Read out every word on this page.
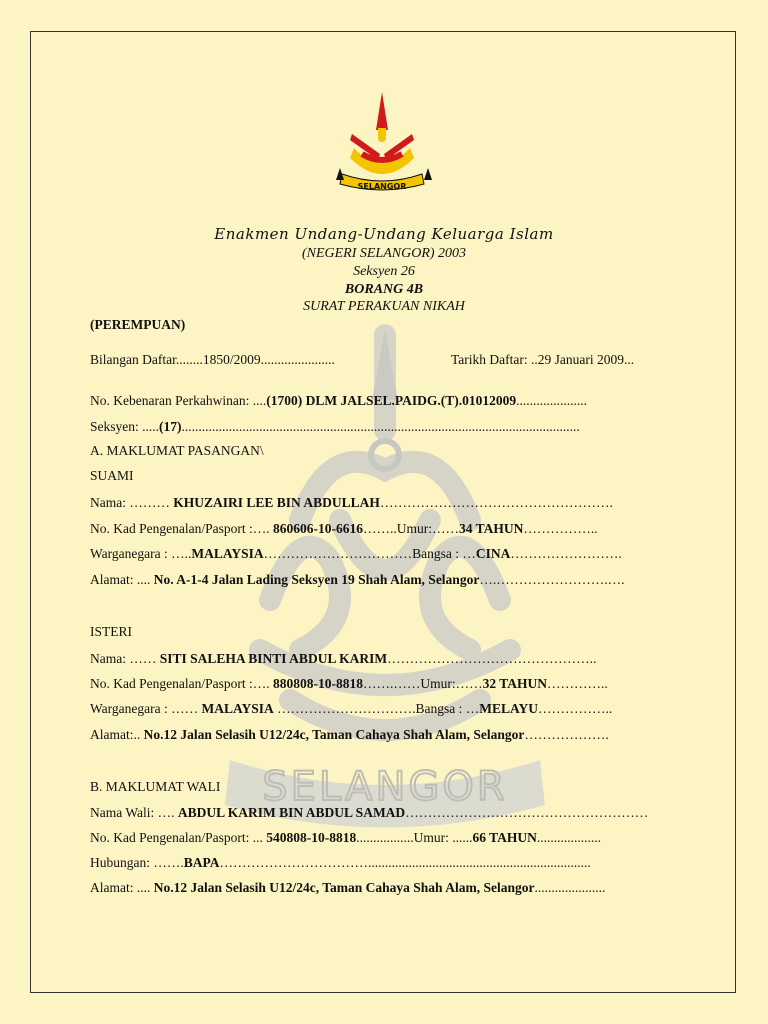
SELANGOR
SELANGOR
Enakmen Undang-Undang Keluarga Islam
(NEGERI SELANGOR) 2003
Seksyen 26
BORANG 4B
SURAT PERAKUAN NIKAH
(PEREMPUAN)
Bilangan Daftar........1850/2009......................	Tarikh Daftar: ..29 Januari 2009...
No. Kebenaran Perkahwinan: ....(1700) DLM JALSEL.PAIDG.(T).01012009.....................
Seksyen: .....(17)......................................................................................................................
A. MAKLUMAT PASANGAN\
SUAMI
Nama: ……… KHUZAIRI LEE BIN ABDULLAH…………………………………………….
No. Kad Pengenalan/Pasport :…. 860606-10-6616……..Umur:……34 TAHUN……………..
Warganegara : …..MALAYSIA……………………………Bangsa : …CINA…………………….
Alamat: .... No. A-1-4 Jalan Lading Seksyen 19 Shah Alam, Selangor….…………………….….
ISTERI
Nama: …… SITI SALEHA BINTI ABDUL KARIM………………………………………..
No. Kad Pengenalan/Pasport :…. 880808-10-8818…….……Umur:……32 TAHUN…………..
Warganegara : …… MALAYSIA ………………………….Bangsa : …MELAYU……………..
Alamat:.. No.12 Jalan Selasih U12/24c, Taman Cahaya Shah Alam, Selangor……………….
B. MAKLUMAT WALI
Nama Wali: …. ABDUL KARIM BIN ABDUL SAMAD………………………………………………
No. Kad Pengenalan/Pasport: ... 540808-10-8818.................Umur: ......66 TAHUN...................
Hubungan: …….BAPA……………………………..................................................................
Alamat: .... No.12 Jalan Selasih U12/24c, Taman Cahaya Shah Alam, Selangor.....................
